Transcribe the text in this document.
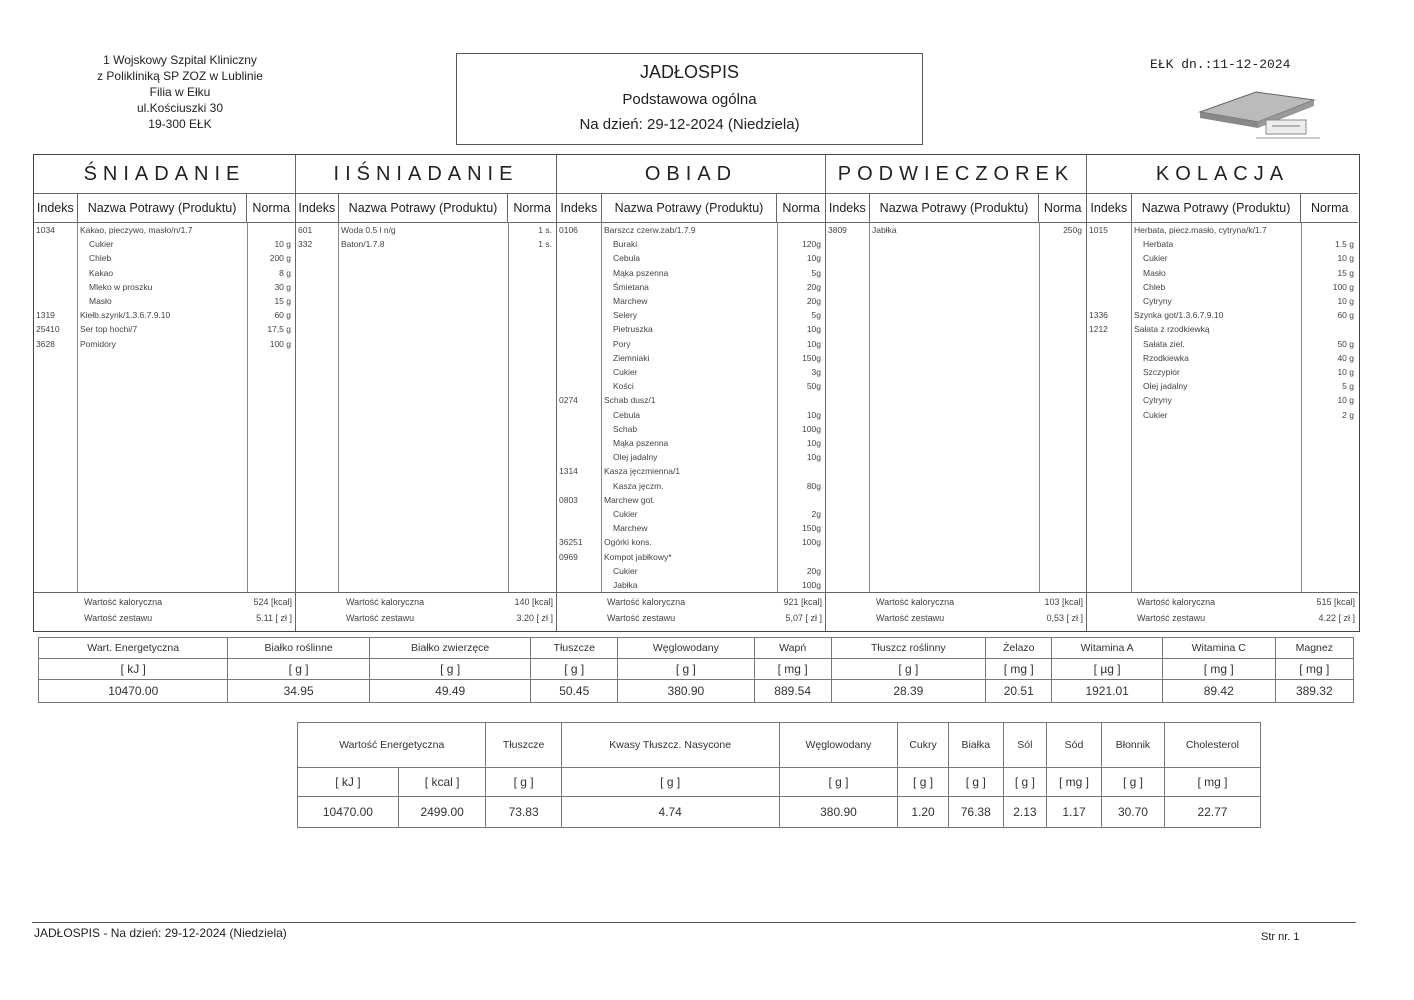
1 Wojskowy Szpital Kliniczny
z Polikliniką SP ZOZ w Lublinie
Filia w Ełku
ul.Kościuszki 30
19-300 EŁK
JADŁOSPIS
Podstawowa ogólna
Na dzień: 29-12-2024 (Niedziela)
EŁK dn.:11-12-2024
ŚNIADANIE
Indeks	Nazwa Potrawy (Produktu)	Norma
1034	Kakao, pieczywo, masło/n/1.7
Cukier	10 g
Chleb	200 g
Kakao	8 g
Mleko w proszku	30 g
Masło	15 g
1319	Kiełb.szynk/1.3.6.7.9.10	60 g
25410 Ser top hochi/7	17,5 g
3628	Pomidory	100 g
Wartość kaloryczna	524 [kcal]
Wartość zestawu	5.11 [ zł ]
IIŚNIADANIE
Indeks	Nazwa Potrawy (Produktu)	Norma
601	Woda 0.5 l n/g	1 s.
332	Baton/1.7.8	1 s.
Wartość kaloryczna	140 [kcal]
Wartość zestawu	3.20 [ zł ]
OBIAD
Indeks	Nazwa Potrawy (Produktu)	Norma
0106	Barszcz czerw.zab/1.7.9
Buraki	120g
Cebula	10g
Mąka pszenna	5g
Śmietana	20g
Marchew	20g
Selery	5g
Pietruszka	10g
Pory	10g
Ziemniaki	150g
Cukier	3g
Kości	50g
0274	Schab dusz/1
Cebula	10g
Schab	100g
Mąka pszenna	10g
Olej jadalny	10g
1314	Kasza jęczmienna/1
Kasza jęczm.	80g
0803	Marchew got.
Cukier	2g
Marchew	150g
36251	Ogórki kons.	100g
0969	Kompot jabłkowy*
Cukier	20g
Jabłka	100g
Wartość kaloryczna	921 [kcal]
Wartość zestawu	5,07 [ zł ]
PODWIECZOREK
Indeks	Nazwa Potrawy (Produktu)	Norma
3809	Jabłka	250g
Wartość kaloryczna	103 [kcal]
Wartość zestawu	0,53 [ zł ]
KOLACJA
Indeks	Nazwa Potrawy (Produktu)	Norma
1015	Herbata, piecz.masło, cytryna/k/1.7
Herbata	1.5 g
Cukier	10 g
Masło	15 g
Chleb	100 g
Cytryny	10 g
1336	Szynka got/1.3.6.7.9.10	60 g
1212	Sałata z rzodkiewką
Sałata ziel.	50 g
Rzodkiewka	40 g
Szczypior	10 g
Olej jadalny	5 g
Cytryny	10 g
Cukier	2 g
Wartość kaloryczna	515 [kcal]
Wartość zestawu	4.22 [ zł ]
Wart. Energetyczna	Białko roślinne	Białko zwierzęce	Tłuszcze	Węglowodany	Wapń	Tłuszcz roślinny	Żelazo	Witamina A	Witamina C	Magnez
[ kJ ]	[ g ]	[ g ]	[ g ]	[ g ]	[ mg ]	[ g ]	[ mg ]	[ µg ]	[ mg ]	[ mg ]
10470.00	34.95	49.49	50.45	380.90	889.54	28.39	20.51	1921.01	89.42	389.32
Wartość Energetyczna		Tłuszcze	Kwasy Tłuszcz. Nasycone	Węglowodany	Cukry	Białka	Sól	Sód	Błonnik	Cholesterol
[ kJ ]	[ kcal ]	[ g ]	[ g ]	[ g ]	[ g ]	[ g ]	[ g ]	[ mg ]	[ g ]	[ mg ]
10470.00	2499.00	73.83	4.74	380.90	1.20	76.38	2.13	1.17	30.70	22.77
JADŁOSPIS - Na dzień: 29-12-2024 (Niedziela)	Str nr. 1
